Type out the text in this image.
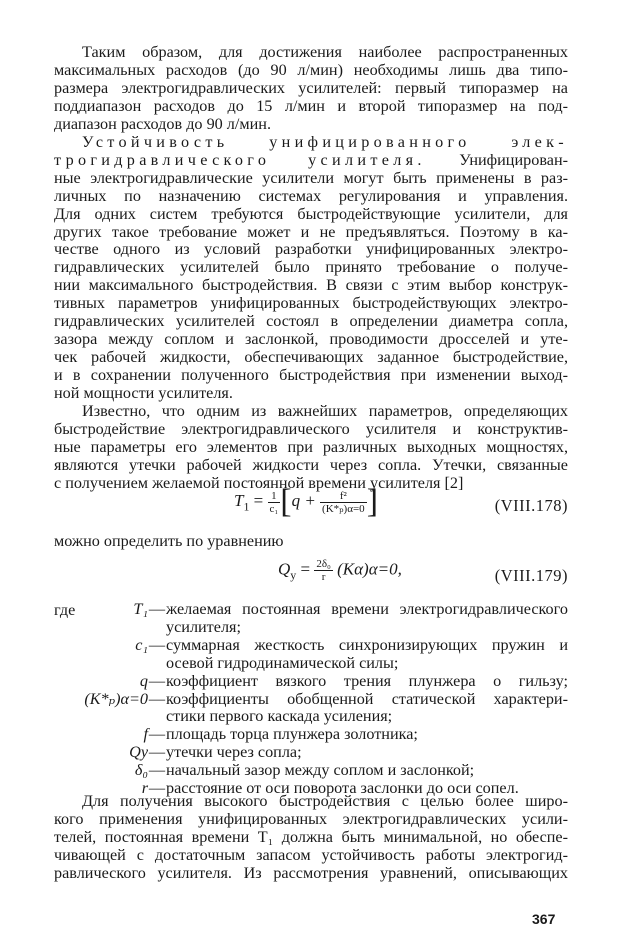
Таким образом, для достижения наиболее распространенных
максимальных расходов (до 90 л/мин) необходимы лишь два типо-
размера электрогидравлических усилителей: первый типоразмер на
поддиапазон расходов до 15 л/мин и второй типоразмер на под-
диапазон расходов до 90 л/мин.
Устойчивость унифицированного элек-
трогидравлического усилителя. Унифицирован-
ные электрогидравлические усилители могут быть применены в раз-
личных по назначению системах регулирования и управления.
Для одних систем требуются быстродействующие усилители, для
других такое требование может и не предъявляться. Поэтому в ка-
честве одного из условий разработки унифицированных электро-
гидравлических усилителей было принято требование о получе-
нии максимального быстродействия. В связи с этим выбор конструк-
тивных параметров унифицированных быстродействующих электро-
гидравлических усилителей состоял в определении диаметра сопла,
зазора между соплом и заслонкой, проводимости дросселей и уте-
чек рабочей жидкости, обеспечивающих заданное быстродействие,
и в сохранении полученного быстродействия при изменении выход-
ной мощности усилителя.
Известно, что одним из важнейших параметров, определяющих
быстродействие электрогидравлического усилителя и конструктив-
ные параметры его элементов при различных выходных мощностях,
являются утечки рабочей жидкости через сопла. Утечки, связанные
с получением желаемой постоянной времени усилителя [2]
$T_1 = \frac{1}{\text{c₁}} [q + \frac{\text{f²}}{\text{(K*ₚ)α=0}}$ ]	(VIII.178)
можно определить по уравнению
$Q_у = \frac{\text{2δ₀}}{r} (K\alpha)\alpha=0$,	(VIII.179)
где	T₁ — желаемая постоянная времени электрогидравлического
усилителя;
c₁ — суммарная жесткость синхронизирующих пружин и
осевой гидродинамической силы;
q — коэффициент вязкого трения плунжера о гильзу;
(K*ₚ)α=0 — коэффициенты обобщенной статической характери-
стики первого каскада усиления;
f — площадь торца плунжера золотника;
Qу — утечки через сопла;
δ₀ — начальный зазор между соплом и заслонкой;
r — расстояние от оси поворота заслонки до оси сопел.
Для получения высокого быстродействия с целью более широ-
кого применения унифицированных электрогидравлических усили-
телей, постоянная времени T₁ должна быть минимальной, но обеспе-
чивающей с достаточным запасом устойчивость работы электрогид-
равлического усилителя. Из рассмотрения уравнений, описывающих
367
